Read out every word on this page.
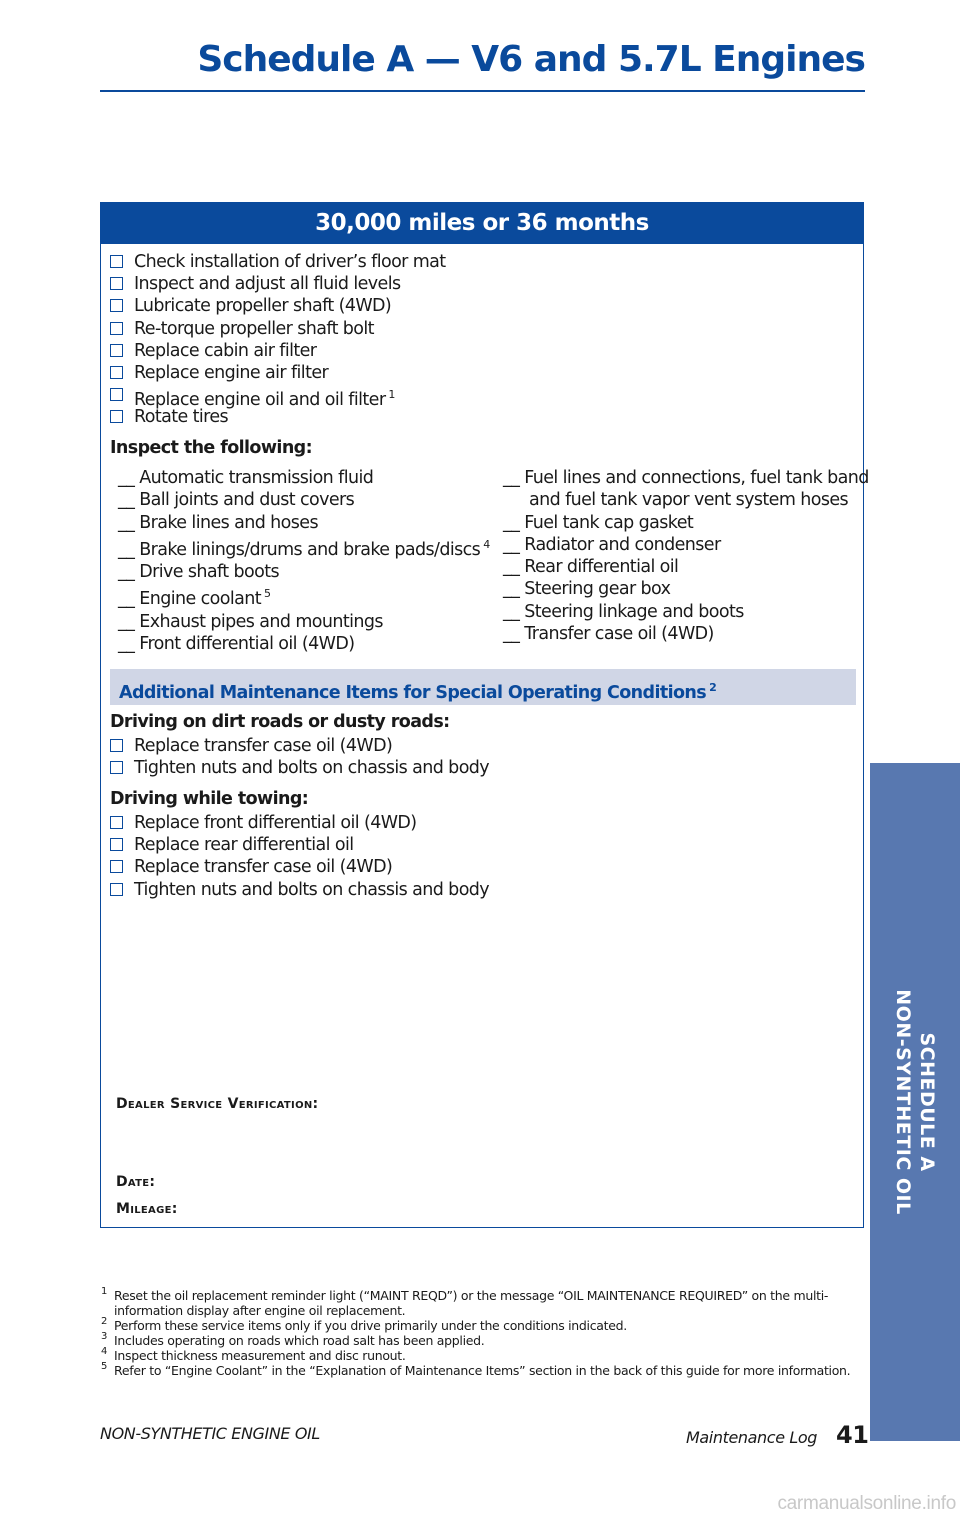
Schedule A — V6 and 5.7L Engines
30,000 miles or 36 months
Check installation of driver’s floor mat
Inspect and adjust all fluid levels
Lubricate propeller shaft (4WD)
Re-torque propeller shaft bolt
Replace cabin air filter
Replace engine air filter
Replace engine oil and oil filter $^1$
Rotate tires
Inspect the following:
__ Automatic transmission fluid
__ Ball joints and dust covers
__ Brake lines and hoses
__ Brake linings/drums and brake pads/discs $^4$
__ Drive shaft boots
__ Engine coolant $^5$
__ Exhaust pipes and mountings
__ Front differential oil (4WD)
__ Fuel lines and connections, fuel tank band
and fuel tank vapor vent system hoses
__ Fuel tank cap gasket
__ Radiator and condenser
__ Rear differential oil
__ Steering gear box
__ Steering linkage and boots
__ Transfer case oil (4WD)
Additional Maintenance Items for Special Operating Conditions $^2$
Driving on dirt roads or dusty roads:
Replace transfer case oil (4WD)
Tighten nuts and bolts on chassis and body
Driving while towing:
Replace front differential oil (4WD)
Replace rear differential oil
Replace transfer case oil (4WD)
Tighten nuts and bolts on chassis and body
Dealer Service Verification:
Date:
Mileage:
SCHEDULE A
NON-SYNTHETIC OIL
1 Reset the oil replacement reminder light (“MAINT REQD”) or the message “OIL MAINTENANCE REQUIRED” on the multi-information display after engine oil replacement.
2 Perform these service items only if you drive primarily under the conditions indicated.
3 Includes operating on roads which road salt has been applied.
4 Inspect thickness measurement and disc runout.
5 Refer to “Engine Coolant” in the “Explanation of Maintenance Items” section in the back of this guide for more information.
NON-SYNTHETIC ENGINE OIL	Maintenance Log 41
carmanualsonline.info
